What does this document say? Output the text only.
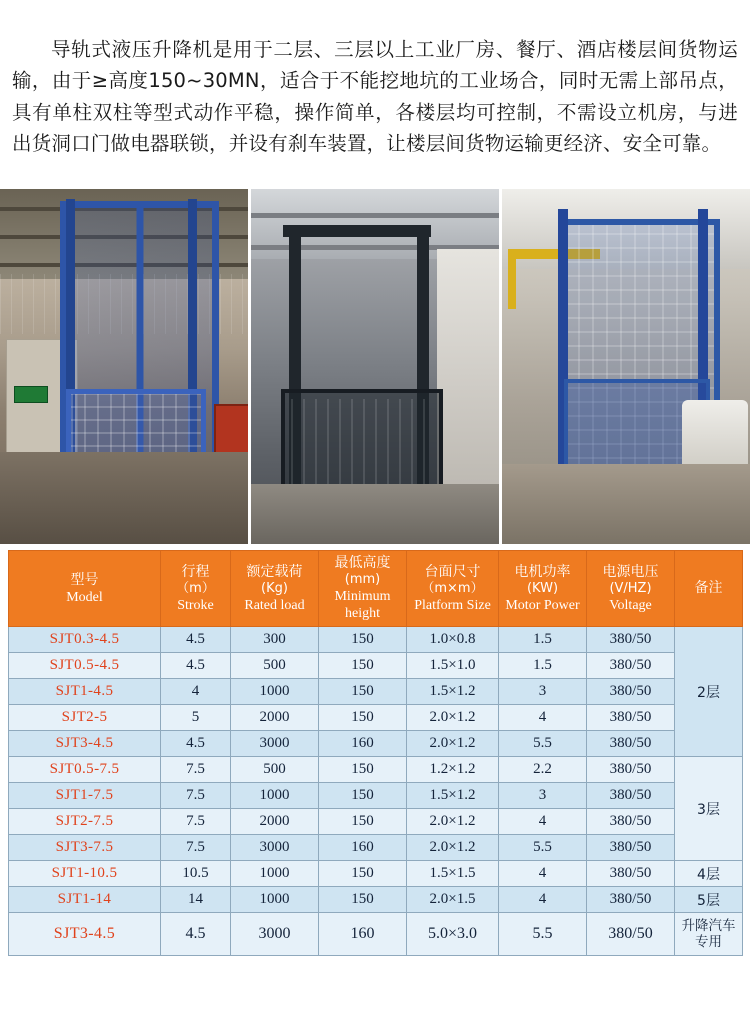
导轨式液压升降机是用于二层、三层以上工业厂房、餐厅、酒店楼层间货物运输，由于≥高度150~30MN，适合于不能挖地坑的工业场合，同时无需上部吊点，具有单柱双柱等型式动作平稳，操作简单，各楼层均可控制，不需设立机房，与进出货洞口门做电器联锁，并设有刹车装置，让楼层间货物运输更经济、安全可靠。

型号
Model	行程
（m）
Stroke	额定载荷
(Kg)
Rated load	最低高度
(mm)
Minimum height	台面尺寸
（m×m）
Platform Size	电机功率
(KW)
Motor Power	电源电压
(V/HZ)
Voltage	备注

SJT0.3-4.5	4.5	300	150	1.0×0.8	1.5	380/50	2层
SJT0.5-4.5	4.5	500	150	1.5×1.0	1.5	380/50	
SJT1-4.5	4	1000	150	1.5×1.2	3	380/50	
SJT2-5	5	2000	150	2.0×1.2	4	380/50	
SJT3-4.5	4.5	3000	160	2.0×1.2	5.5	380/50	
SJT0.5-7.5	7.5	500	150	1.2×1.2	2.2	380/50	3层
SJT1-7.5	7.5	1000	150	1.5×1.2	3	380/50	
SJT2-7.5	7.5	2000	150	2.0×1.2	4	380/50	
SJT3-7.5	7.5	3000	160	2.0×1.2	5.5	380/50	
SJT1-10.5	10.5	1000	150	1.5×1.5	4	380/50	4层
SJT1-14	14	1000	150	2.0×1.5	4	380/50	5层
SJT3-4.5	4.5	3000	160	5.0×3.0	5.5	380/50	升降汽车专用
